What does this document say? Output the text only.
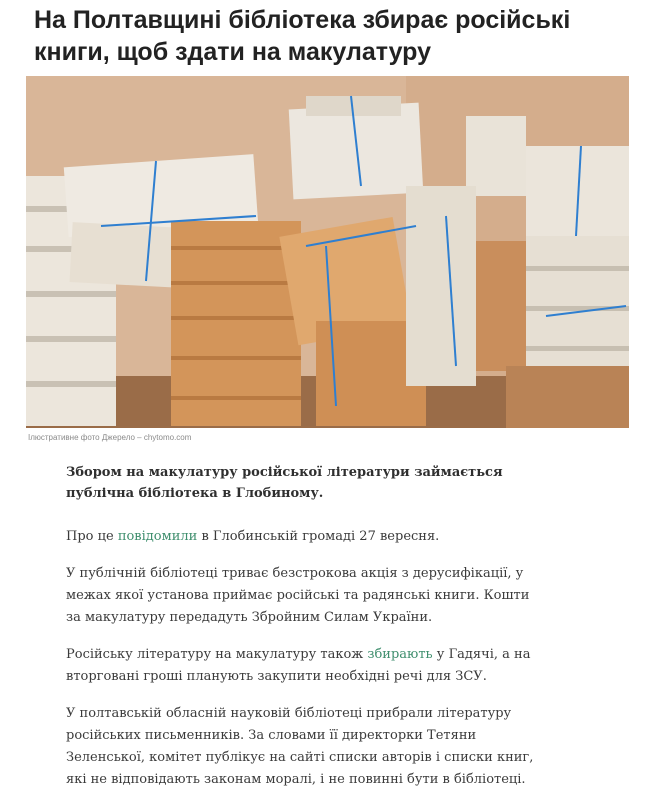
На Полтавщині бібліотека збирає російські книги, щоб здати на макулатуру
Ілюстративне фото Джерело – chytomo.com

Збором на макулатуру російської літератури займається публічна бібліотека в Глобиному.

Про це повідомили в Глобинській громаді 27 вересня.

У публічній бібліотеці триває безстрокова акція з дерусифікації, у межах якої установа приймає російські та радянські книги. Кошти за макулатуру передадуть Збройним Силам України.

Російську літературу на макулатуру також збирають у Гадячі, а на вторговані гроші планують закупити необхідні речі для ЗСУ.

У полтавській обласній науковій бібліотеці прибрали літературу російських письменників. За словами її директорки Тетяни Зеленської, комітет публікує на сайті списки авторів і списки книг, які не відповідають законам моралі, і не повинні бути в бібліотеці.
